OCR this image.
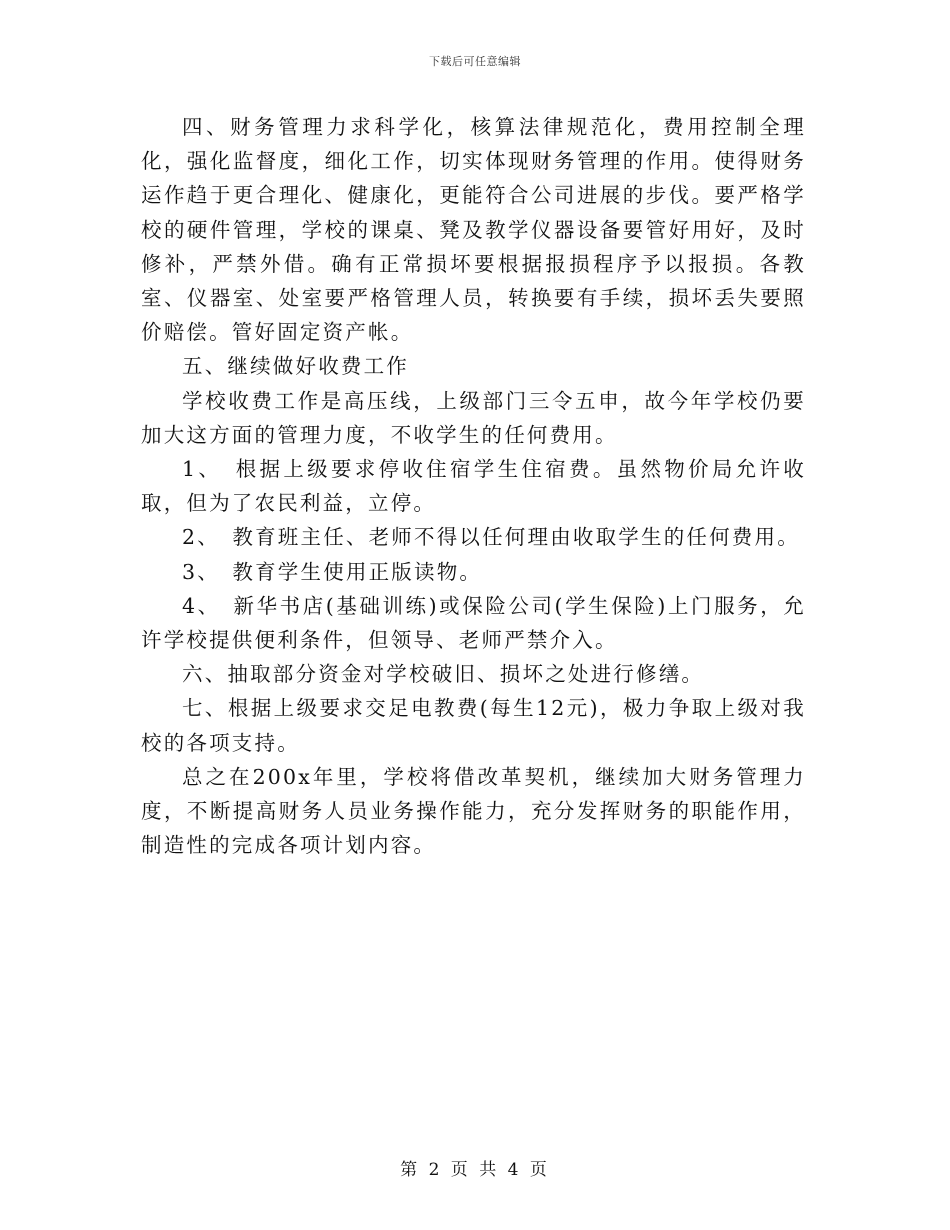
下载后可任意编辑

四、财务管理力求科学化，核算法律规范化，费用控制全理化，强化监督度，细化工作，切实体现财务管理的作用。使得财务运作趋于更合理化、健康化，更能符合公司进展的步伐。要严格学校的硬件管理，学校的课桌、凳及教学仪器设备要管好用好，及时修补，严禁外借。确有正常损坏要根据报损程序予以报损。各教室、仪器室、处室要严格管理人员，转换要有手续，损坏丢失要照价赔偿。管好固定资产帐。

五、继续做好收费工作

学校收费工作是高压线，上级部门三令五申，故今年学校仍要加大这方面的管理力度，不收学生的任何费用。

1、　根据上级要求停收住宿学生住宿费。虽然物价局允许收取，但为了农民利益，立停。

2、　教育班主任、老师不得以任何理由收取学生的任何费用。

3、　教育学生使用正版读物。

4、　新华书店(基础训练)或保险公司(学生保险)上门服务，允许学校提供便利条件，但领导、老师严禁介入。

六、抽取部分资金对学校破旧、损坏之处进行修缮。

七、根据上级要求交足电教费(每生12元)，极力争取上级对我校的各项支持。

总之在200x年里，学校将借改革契机，继续加大财务管理力度，不断提高财务人员业务操作能力，充分发挥财务的职能作用，制造性的完成各项计划内容。

第 2 页 共 4 页
